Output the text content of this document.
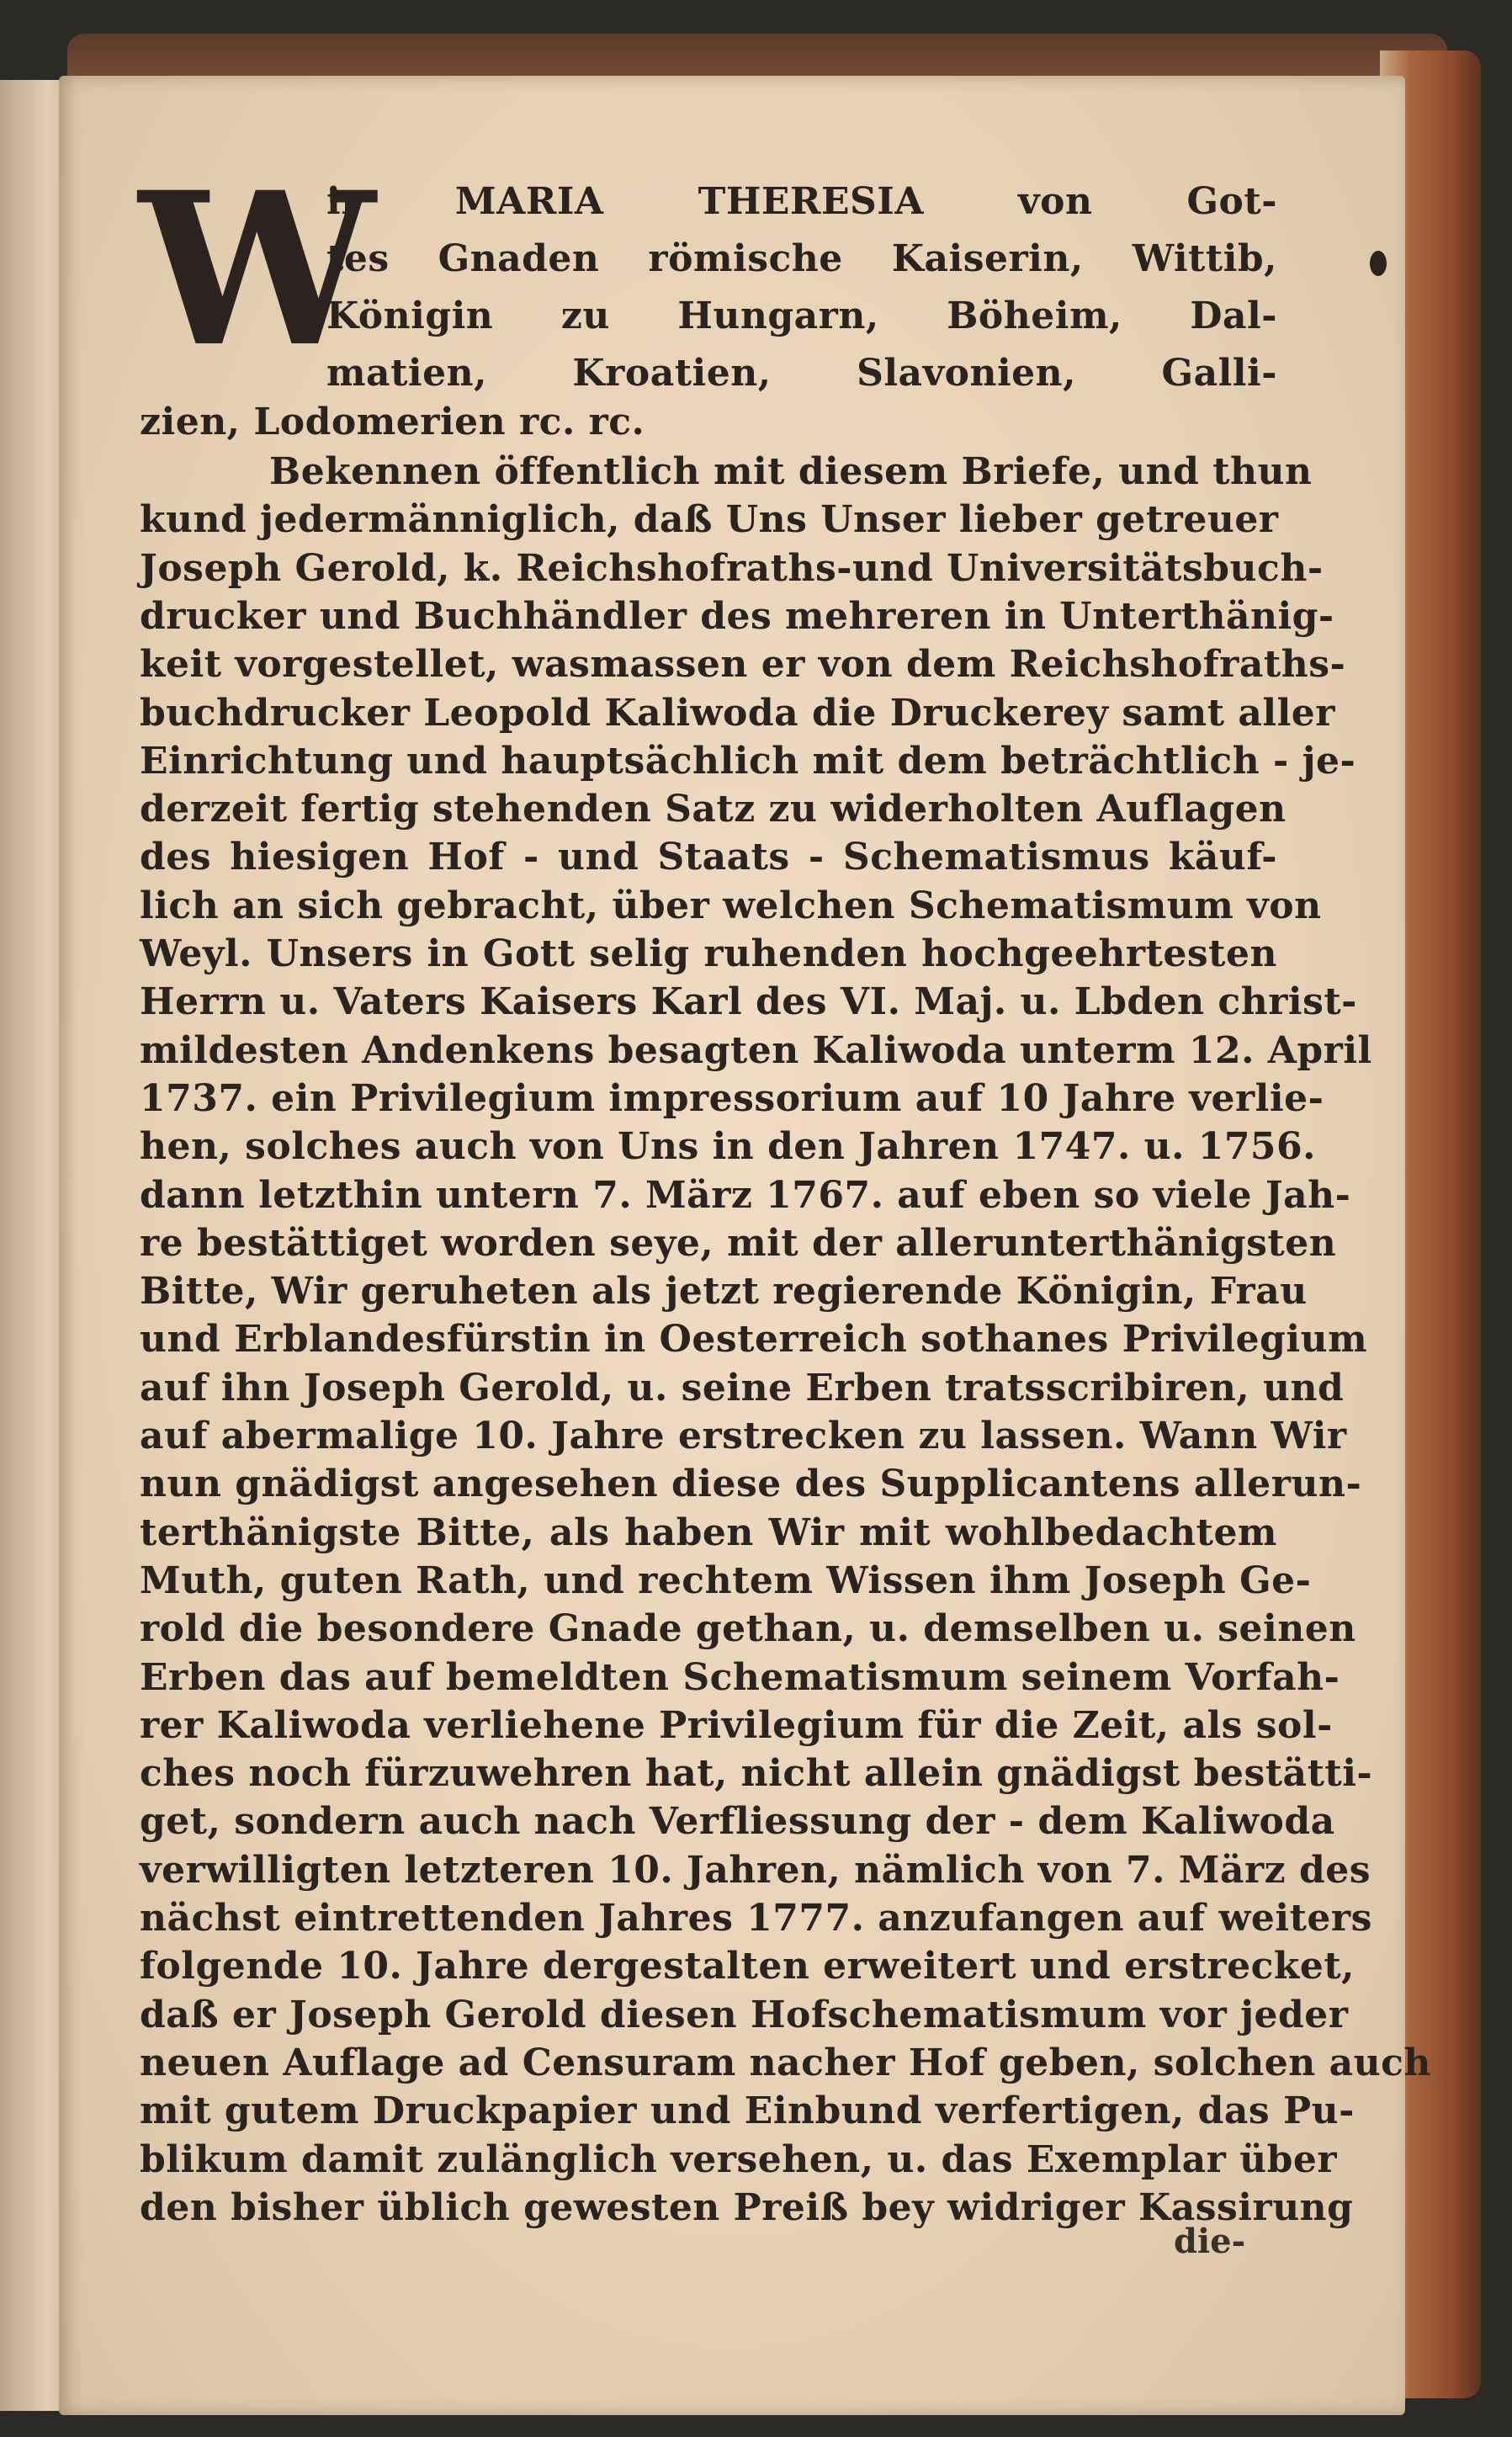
W
ir MARIA THERESIA von Got-
tes Gnaden römische Kaiserin, Wittib,
Königin zu Hungarn, Böheim, Dal-
matien, Kroatien, Slavonien, Galli-
zien, Lodomerien rc. rc.
Bekennen öffentlich mit diesem Briefe, und thun
kund jedermänniglich, daß Uns Unser lieber getreuer
Joseph Gerold, k. Reichshofraths-und Universitätsbuch-
drucker und Buchhändler des mehreren in Unterthänig-
keit vorgestellet, wasmassen er von dem Reichshofraths-
buchdrucker Leopold Kaliwoda die Druckerey samt aller
Einrichtung und hauptsächlich mit dem beträchtlich - je-
derzeit fertig stehenden Satz zu widerholten Auflagen
des hiesigen Hof - und Staats - Schematismus käuf-
lich an sich gebracht, über welchen Schematismum von
Weyl. Unsers in Gott selig ruhenden hochgeehrtesten
Herrn u. Vaters Kaisers Karl des VI. Maj. u. Lbden christ-
mildesten Andenkens besagten Kaliwoda unterm 12. April
1737. ein Privilegium impressorium auf 10 Jahre verlie-
hen, solches auch von Uns in den Jahren 1747. u. 1756.
dann letzthin untern 7. März 1767. auf eben so viele Jah-
re bestättiget worden seye, mit der allerunterthänigsten
Bitte, Wir geruheten als jetzt regierende Königin, Frau
und Erblandesfürstin in Oesterreich sothanes Privilegium
auf ihn Joseph Gerold, u. seine Erben tratsscribiren, und
auf abermalige 10. Jahre erstrecken zu lassen. Wann Wir
nun gnädigst angesehen diese des Supplicantens allerun-
terthänigste Bitte, als haben Wir mit wohlbedachtem
Muth, guten Rath, und rechtem Wissen ihm Joseph Ge-
rold die besondere Gnade gethan, u. demselben u. seinen
Erben das auf bemeldten Schematismum seinem Vorfah-
rer Kaliwoda verliehene Privilegium für die Zeit, als sol-
ches noch fürzuwehren hat, nicht allein gnädigst bestätti-
get, sondern auch nach Verfliessung der - dem Kaliwoda
verwilligten letzteren 10. Jahren, nämlich von 7. März des
nächst eintrettenden Jahres 1777. anzufangen auf weiters
folgende 10. Jahre dergestalten erweitert und erstrecket,
daß er Joseph Gerold diesen Hofschematismum vor jeder
neuen Auflage ad Censuram nacher Hof geben, solchen auch
mit gutem Druckpapier und Einbund verfertigen, das Pu-
blikum damit zulänglich versehen, u. das Exemplar über
den bisher üblich gewesten Preiß bey widriger Kassirung
die-
